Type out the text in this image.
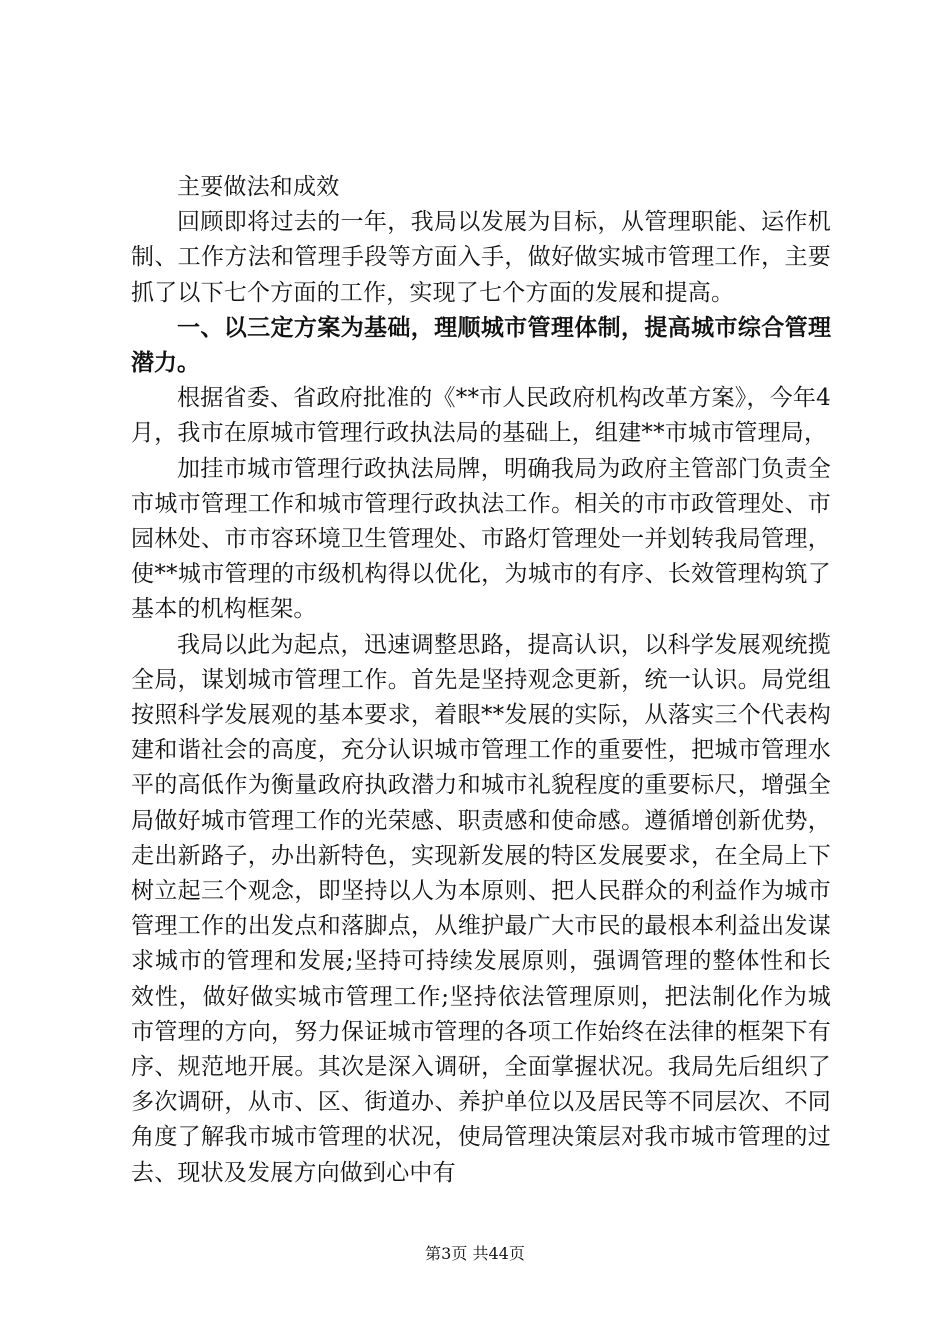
主要做法和成效

回顾即将过去的一年，我局以发展为目标，从管理职能、运作机制、工作方法和管理手段等方面入手，做好做实城市管理工作，主要抓了以下七个方面的工作，实现了七个方面的发展和提高。

一、以三定方案为基础，理顺城市管理体制，提高城市综合管理潜力。

根据省委、省政府批准的《**市人民政府机构改革方案》，今年4月，我市在原城市管理行政执法局的基础上，组建**市城市管理局，

加挂市城市管理行政执法局牌，明确我局为政府主管部门负责全市城市管理工作和城市管理行政执法工作。相关的市市政管理处、市园林处、市市容环境卫生管理处、市路灯管理处一并划转我局管理，使**城市管理的市级机构得以优化，为城市的有序、长效管理构筑了基本的机构框架。

我局以此为起点，迅速调整思路，提高认识，以科学发展观统揽全局，谋划城市管理工作。首先是坚持观念更新，统一认识。局党组按照科学发展观的基本要求，着眼**发展的实际，从落实三个代表构建和谐社会的高度，充分认识城市管理工作的重要性，把城市管理水平的高低作为衡量政府执政潜力和城市礼貌程度的重要标尺，增强全局做好城市管理工作的光荣感、职责感和使命感。遵循增创新优势，走出新路子，办出新特色，实现新发展的特区发展要求，在全局上下树立起三个观念，即坚持以人为本原则、把人民群众的利益作为城市管理工作的出发点和落脚点，从维护最广大市民的最根本利益出发谋求城市的管理和发展;坚持可持续发展原则，强调管理的整体性和长效性，做好做实城市管理工作;坚持依法管理原则，把法制化作为城市管理的方向，努力保证城市管理的各项工作始终在法律的框架下有序、规范地开展。其次是深入调研，全面掌握状况。我局先后组织了多次调研，从市、区、街道办、养护单位以及居民等不同层次、不同角度了解我市城市管理的状况，使局管理决策层对我市城市管理的过去、现状及发展方向做到心中有

第3页 共44页
